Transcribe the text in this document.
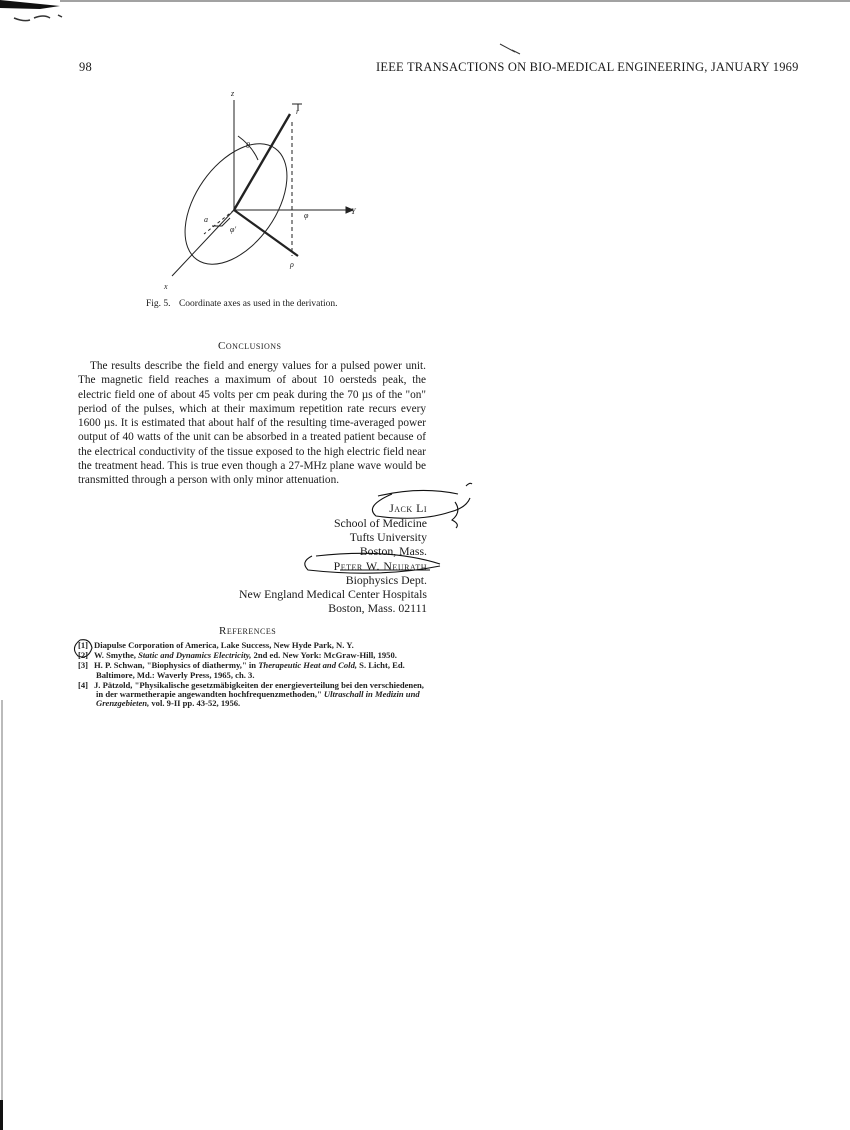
98	IEEE TRANSACTIONS ON BIO-MEDICAL ENGINEERING, JANUARY 1969
z
Y
x
θ
r
φ
ρ
φ'
a
Fig. 5. Coordinate axes as used in the derivation.
Conclusions

The results describe the field and energy values for a pulsed power unit. The magnetic field reaches a maximum of about 10 oersteds peak, the electric field one of about 45 volts per cm peak during the 70 µs of the "on" period of the pulses, which at their maximum repetition rate recurs every 1600 µs. It is estimated that about half of the resulting time-averaged power output of 40 watts of the unit can be absorbed in a treated patient because of the electrical conductivity of the tissue exposed to the high electric field near the treatment head. This is true even though a 27-MHz plane wave would be transmitted through a person with only minor attenuation.

Jack Li
School of Medicine
Tufts University
Boston, Mass.
Peter W. Neurath
Biophysics Dept.
New England Medical Center Hospitals
Boston, Mass. 02111
References
[1] Diapulse Corporation of America, Lake Success, New Hyde Park, N. Y.
[2] W. Smythe, Static and Dynamics Electricity, 2nd ed. New York: McGraw-Hill, 1950.
[3] H. P. Schwan, "Biophysics of diathermy," in Therapeutic Heat and Cold, S. Licht, Ed. Baltimore, Md.: Waverly Press, 1965, ch. 3.
[4] J. Pätzold, "Physikalische gesetzmäbigkeiten der energieverteilung bei den verschiedenen, in der warmetherapie angewandten hochfrequenzmethoden," Ultraschall in Medizin und Grenzgebieten, vol. 9-II pp. 43-52, 1956.
